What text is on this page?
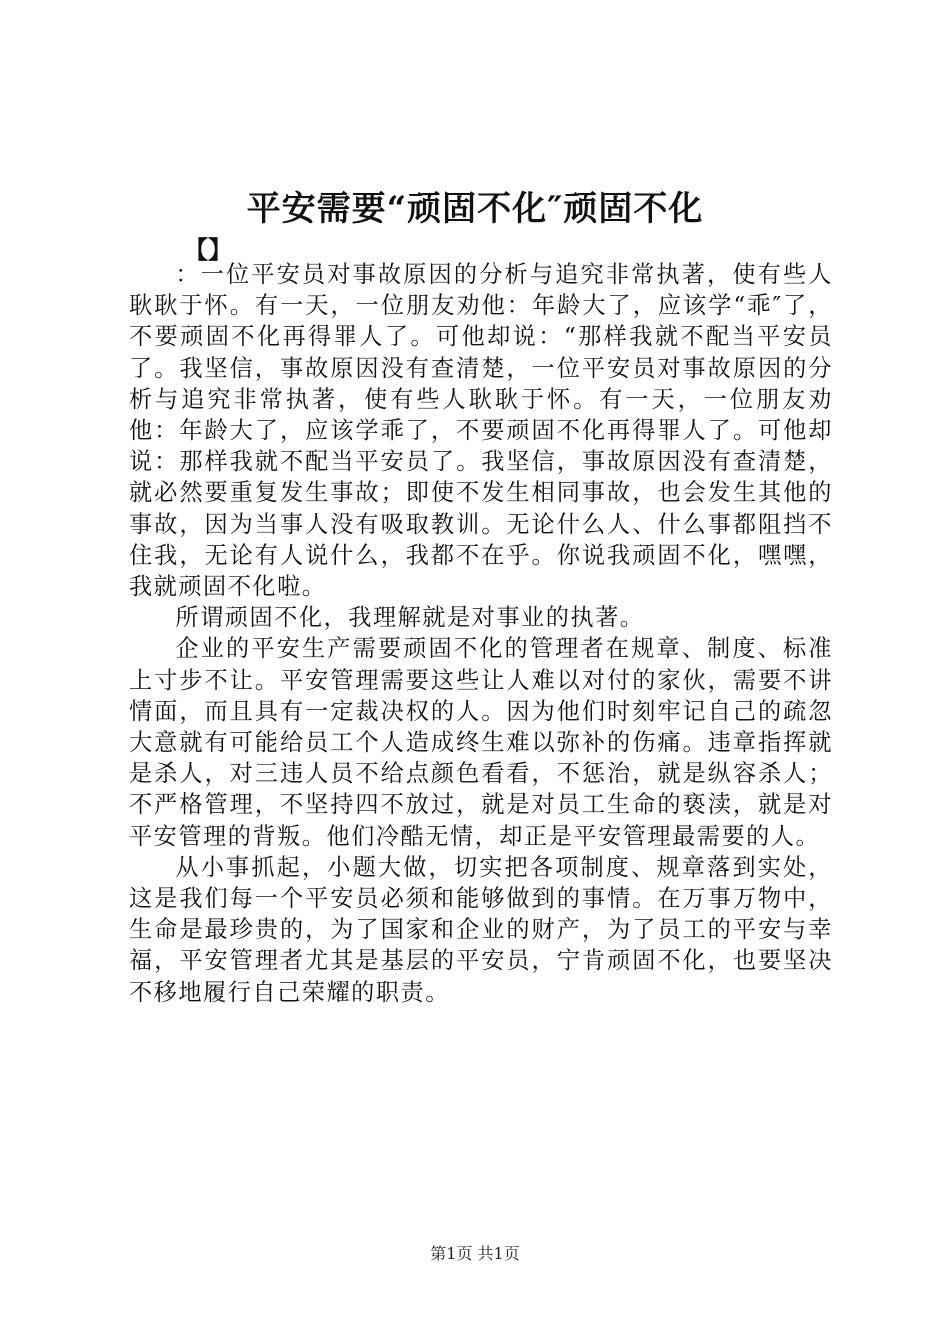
平安需要“顽固不化″顽固不化
【】

：一位平安员对事故原因的分析与追究非常执著，使有些人耿耿于怀。有一天，一位朋友劝他：年龄大了，应该学“乖″了，不要顽固不化再得罪人了。可他却说：“那样我就不配当平安员了。我坚信，事故原因没有查清楚，一位平安员对事故原因的分析与追究非常执著，使有些人耿耿于怀。有一天，一位朋友劝他：年龄大了，应该学乖了，不要顽固不化再得罪人了。可他却说：那样我就不配当平安员了。我坚信，事故原因没有查清楚，就必然要重复发生事故；即使不发生相同事故，也会发生其他的事故，因为当事人没有吸取教训。无论什么人、什么事都阻挡不住我，无论有人说什么，我都不在乎。你说我顽固不化，嘿嘿，我就顽固不化啦。

所谓顽固不化，我理解就是对事业的执著。

企业的平安生产需要顽固不化的管理者在规章、制度、标准上寸步不让。平安管理需要这些让人难以对付的家伙，需要不讲情面，而且具有一定裁决权的人。因为他们时刻牢记自己的疏忽大意就有可能给员工个人造成终生难以弥补的伤痛。违章指挥就是杀人，对三违人员不给点颜色看看，不惩治，就是纵容杀人；不严格管理，不坚持四不放过，就是对员工生命的亵渎，就是对平安管理的背叛。他们冷酷无情，却正是平安管理最需要的人。

从小事抓起，小题大做，切实把各项制度、规章落到实处，这是我们每一个平安员必须和能够做到的事情。在万事万物中，生命是最珍贵的，为了国家和企业的财产，为了员工的平安与幸福，平安管理者尤其是基层的平安员，宁肯顽固不化，也要坚决不移地履行自己荣耀的职责。

第1页 共1页
